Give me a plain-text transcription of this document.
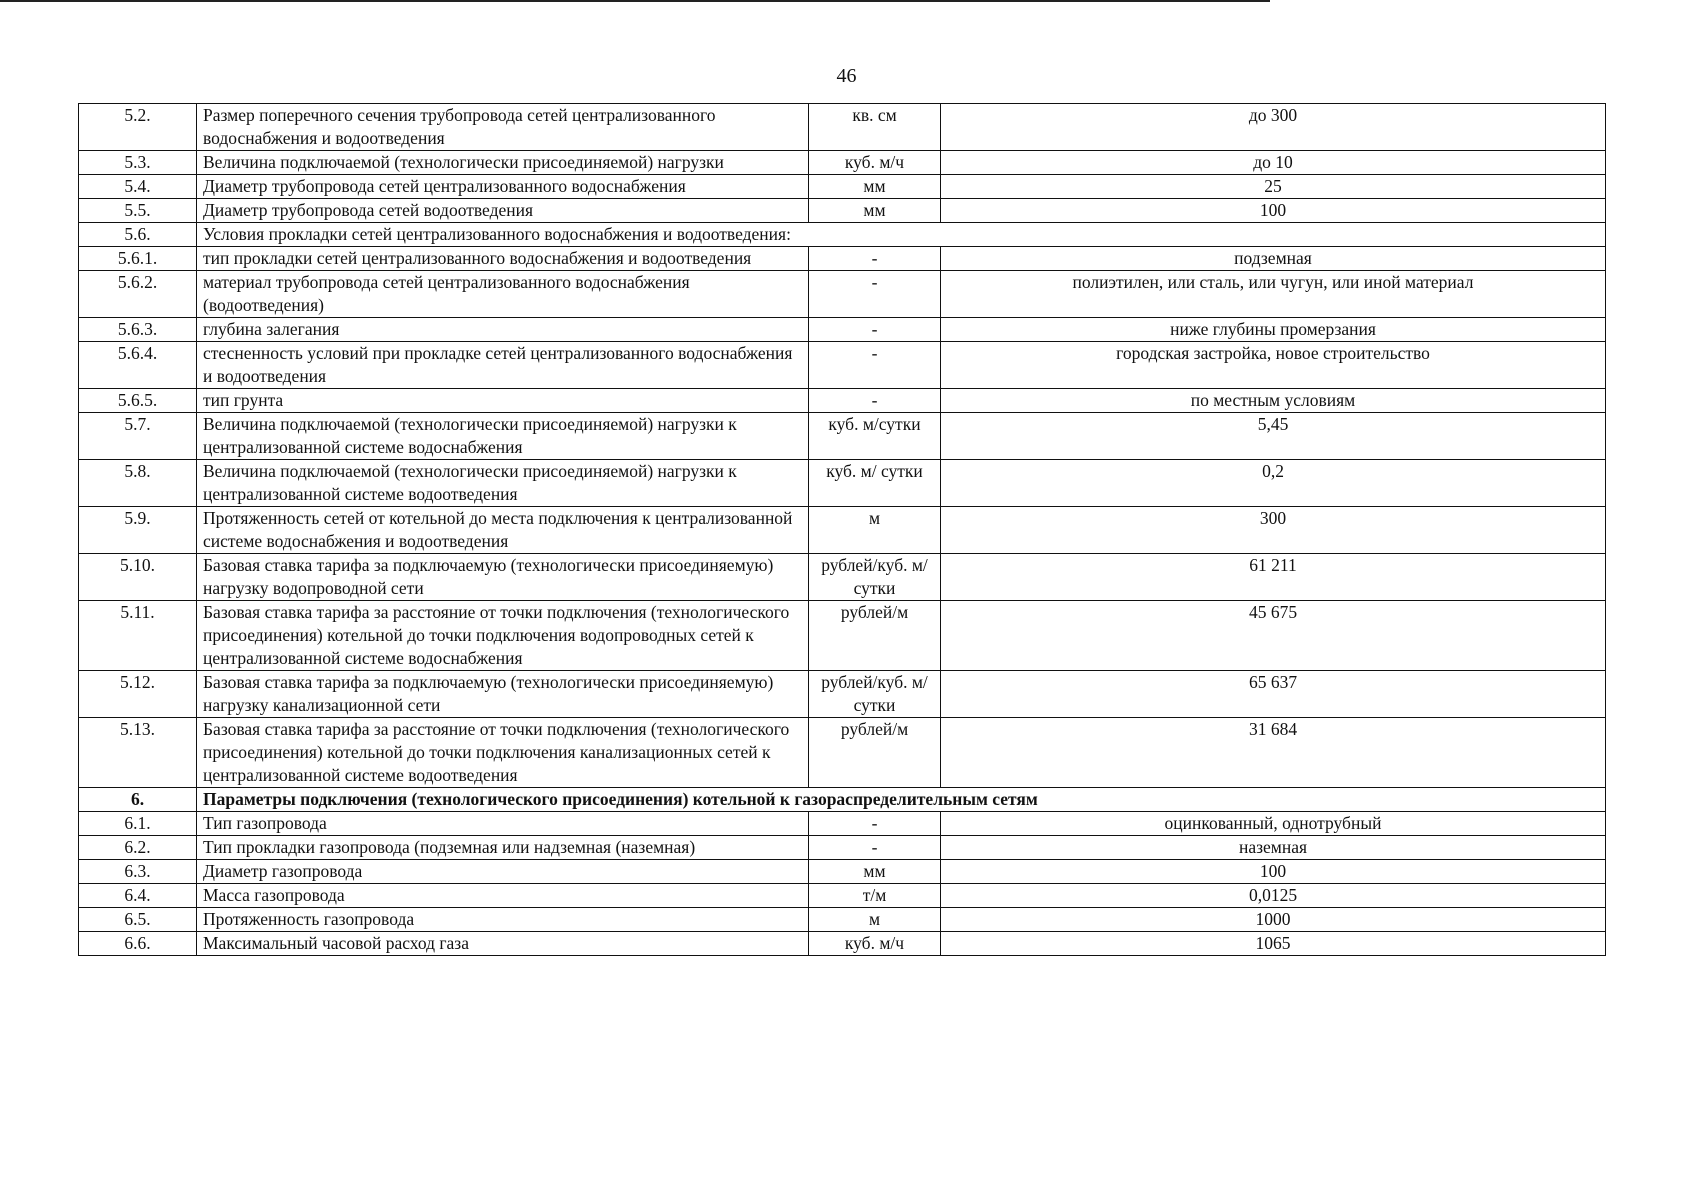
46
5.2.	Размер поперечного сечения трубопровода сетей централизованного водоснабжения и водоотведения	кв. см	до 300
5.3.	Величина подключаемой (технологически присоединяемой) нагрузки	куб. м/ч	до 10
5.4.	Диаметр трубопровода сетей централизованного водоснабжения	мм	25
5.5.	Диаметр трубопровода сетей водоотведения	мм	100
5.6.	Условия прокладки сетей централизованного водоснабжения и водоотведения:		
5.6.1.	тип прокладки сетей централизованного водоснабжения и водоотведения	-	подземная
5.6.2.	материал трубопровода сетей централизованного водоснабжения (водоотведения)	-	полиэтилен, или сталь, или чугун, или иной материал
5.6.3.	глубина залегания	-	ниже глубины промерзания
5.6.4.	стесненность условий при прокладке сетей централизованного водоснабжения и водоотведения	-	городская застройка, новое строительство
5.6.5.	тип грунта	-	по местным условиям
5.7.	Величина подключаемой (технологически присоединяемой) нагрузки к централизованной системе водоснабжения	куб. м/сутки	5,45
5.8.	Величина подключаемой (технологически присоединяемой) нагрузки к централизованной системе водоотведения	куб. м/ сутки	0,2
5.9.	Протяженность сетей от котельной до места подключения к централизованной системе водоснабжения и водоотведения	м	300
5.10.	Базовая ставка тарифа за подключаемую (технологически присоединяемую) нагрузку водопроводной сети	рублей/куб. м/сутки	61 211
5.11.	Базовая ставка тарифа за расстояние от точки подключения (технологического присоединения) котельной до точки подключения водопроводных сетей к централизованной системе водоснабжения	рублей/м	45 675
5.12.	Базовая ставка тарифа за подключаемую (технологически присоединяемую) нагрузку канализационной сети	рублей/куб. м/сутки	65 637
5.13.	Базовая ставка тарифа за расстояние от точки подключения (технологического присоединения) котельной до точки подключения канализационных сетей к централизованной системе водоотведения	рублей/м	31 684
6.	Параметры подключения (технологического присоединения) котельной к газораспределительным сетям		
6.1.	Тип газопровода	-	оцинкованный, однотрубный
6.2.	Тип прокладки газопровода (подземная или надземная (наземная)	-	наземная
6.3.	Диаметр газопровода	мм	100
6.4.	Масса газопровода	т/м	0,0125
6.5.	Протяженность газопровода	м	1000
6.6.	Максимальный часовой расход газа	куб. м/ч	1065
